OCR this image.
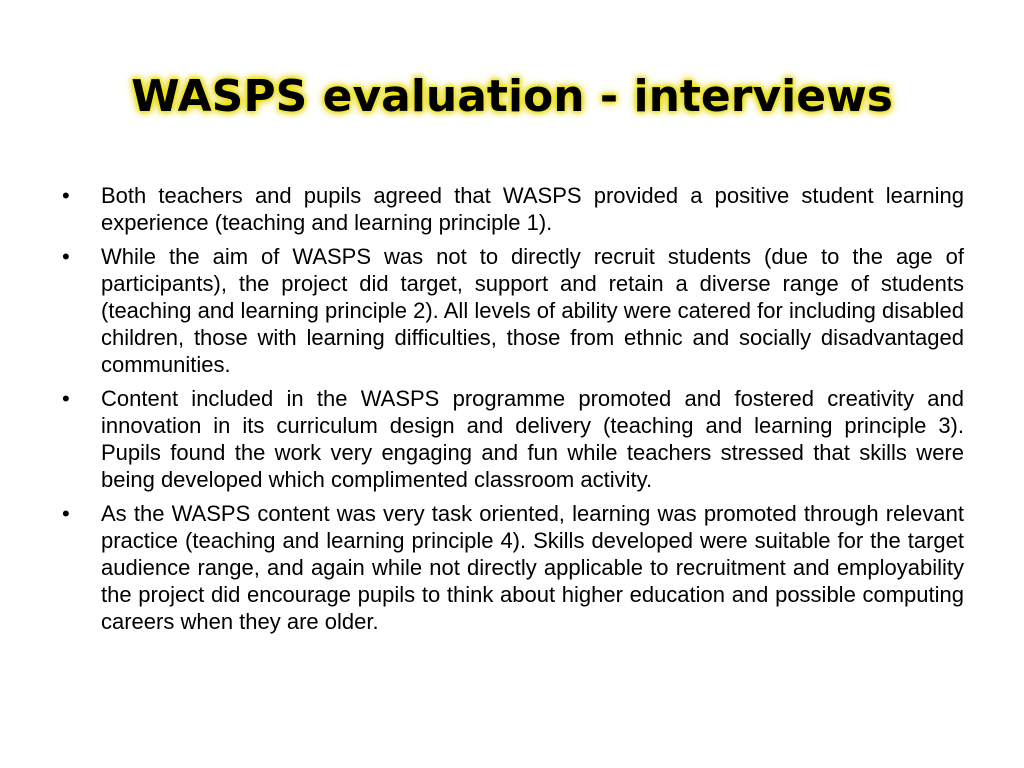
WASPS evaluation - interviews
• Both teachers and pupils agreed that WASPS provided a positive student learning experience (teaching and learning principle 1).
• While the aim of WASPS was not to directly recruit students (due to the age of participants), the project did target, support and retain a diverse range of students (teaching and learning principle 2). All levels of ability were catered for including disabled children, those with learning difficulties, those from ethnic and socially disadvantaged communities.
• Content included in the WASPS programme promoted and fostered creativity and innovation in its curriculum design and delivery (teaching and learning principle 3). Pupils found the work very engaging and fun while teachers stressed that skills were being developed which complimented classroom activity.
• As the WASPS content was very task oriented, learning was promoted through relevant practice (teaching and learning principle 4). Skills developed were suitable for the target audience range, and again while not directly applicable to recruitment and employability the project did encourage pupils to think about higher education and possible computing careers when they are older.
